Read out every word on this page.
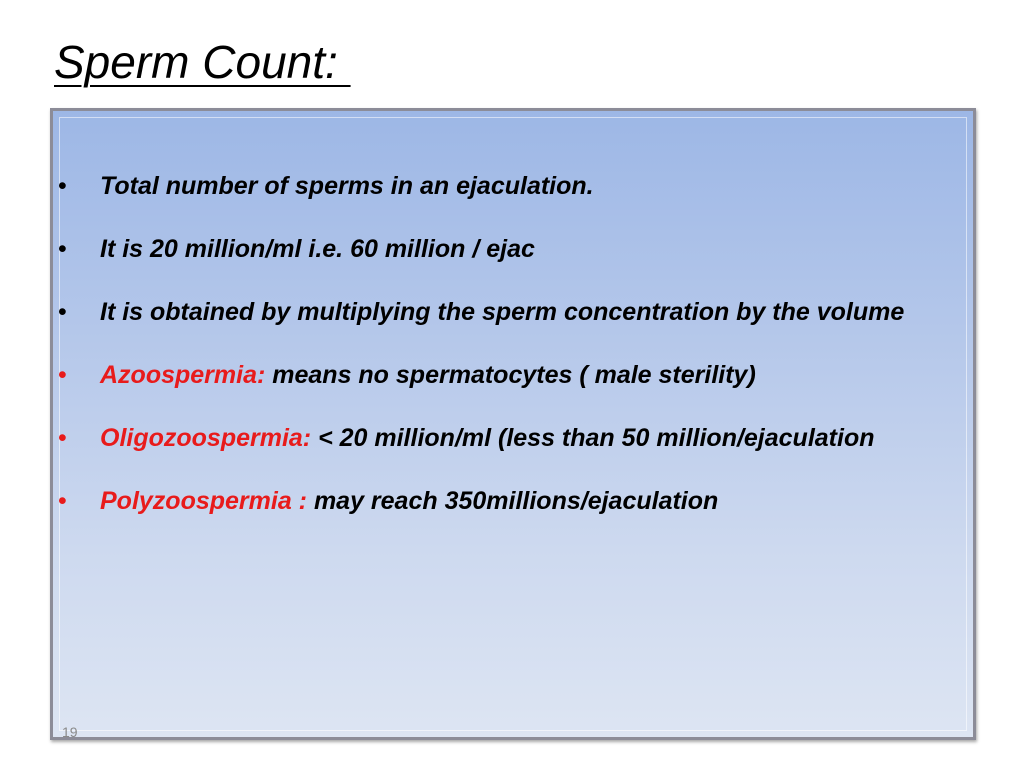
Sperm Count:
• Total number of sperms in an ejaculation.
• It is 20 million/ml i.e. 60 million / ejac
• It is obtained by multiplying the sperm concentration by the volume
• Azoospermia: means no spermatocytes ( male sterility)
• Oligozoospermia: < 20 million/ml (less than 50 million/ejaculation
• Polyzoospermia : may reach 350millions/ejaculation
19
